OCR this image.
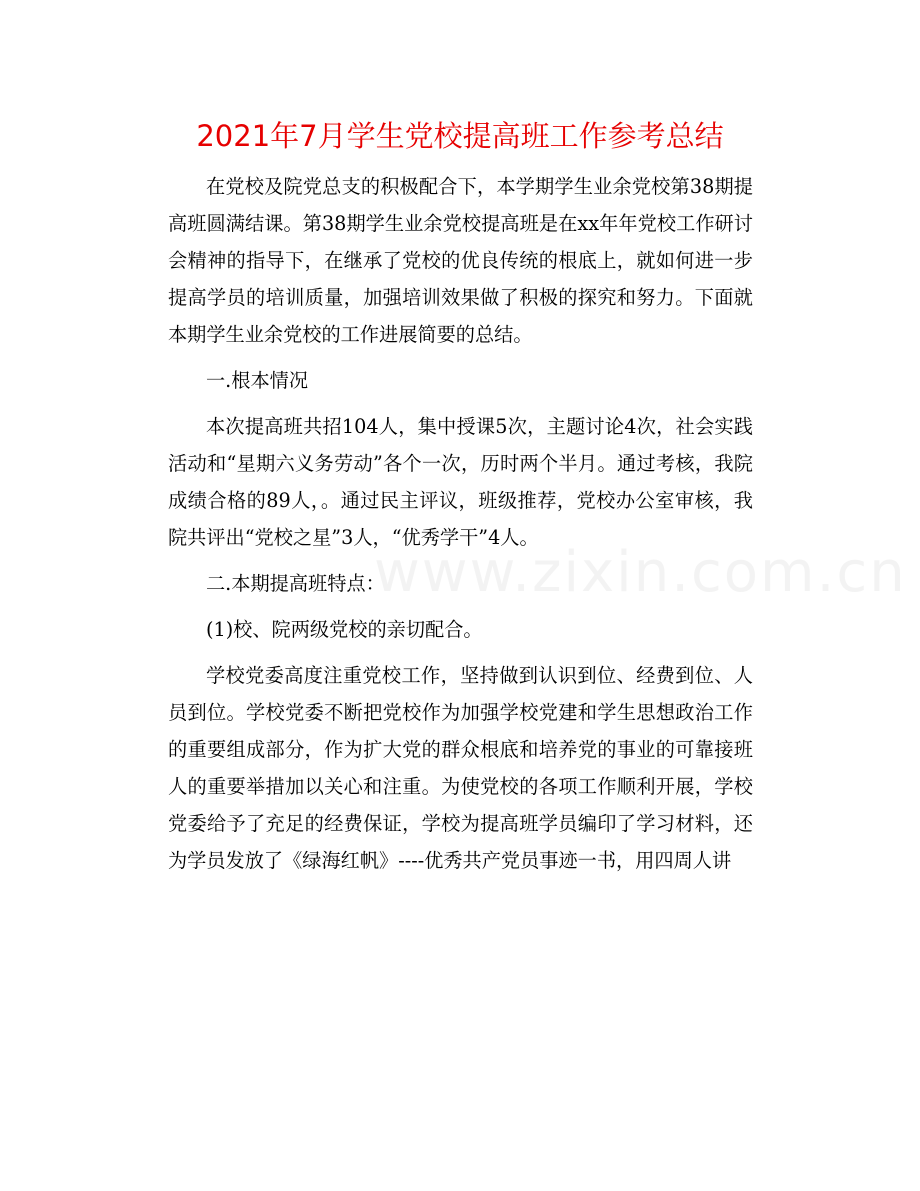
2021年7月学生党校提高班工作参考总结

在党校及院党总支的积极配合下，本学期学生业余党校第38期提高班圆满结课。第38期学生业余党校提高班是在xx年年党校工作研讨会精神的指导下，在继承了党校的优良传统的根底上，就如何进一步提高学员的培训质量，加强培训效果做了积极的探究和努力。下面就本期学生业余党校的工作进展简要的总结。

一.根本情况

本次提高班共招104人，集中授课5次，主题讨论4次，社会实践活动和“星期六义务劳动”各个一次，历时两个半月。通过考核，我院成绩合格的89人，。通过民主评议，班级推荐，党校办公室审核，我院共评出“党校之星”3人，“优秀学干”4人。

二.本期提高班特点：

(1)校、院两级党校的亲切配合。

学校党委高度注重党校工作，坚持做到认识到位、经费到位、人员到位。学校党委不断把党校作为加强学校党建和学生思想政治工作的重要组成部分，作为扩大党的群众根底和培养党的事业的可靠接班人的重要举措加以关心和注重。为使党校的各项工作顺利开展，学校党委给予了充足的经费保证，学校为提高班学员编印了学习材料，还为学员发放了《绿海红帆》----优秀共产党员事迹一书，用四周人讲

www.zixin.com.cn
